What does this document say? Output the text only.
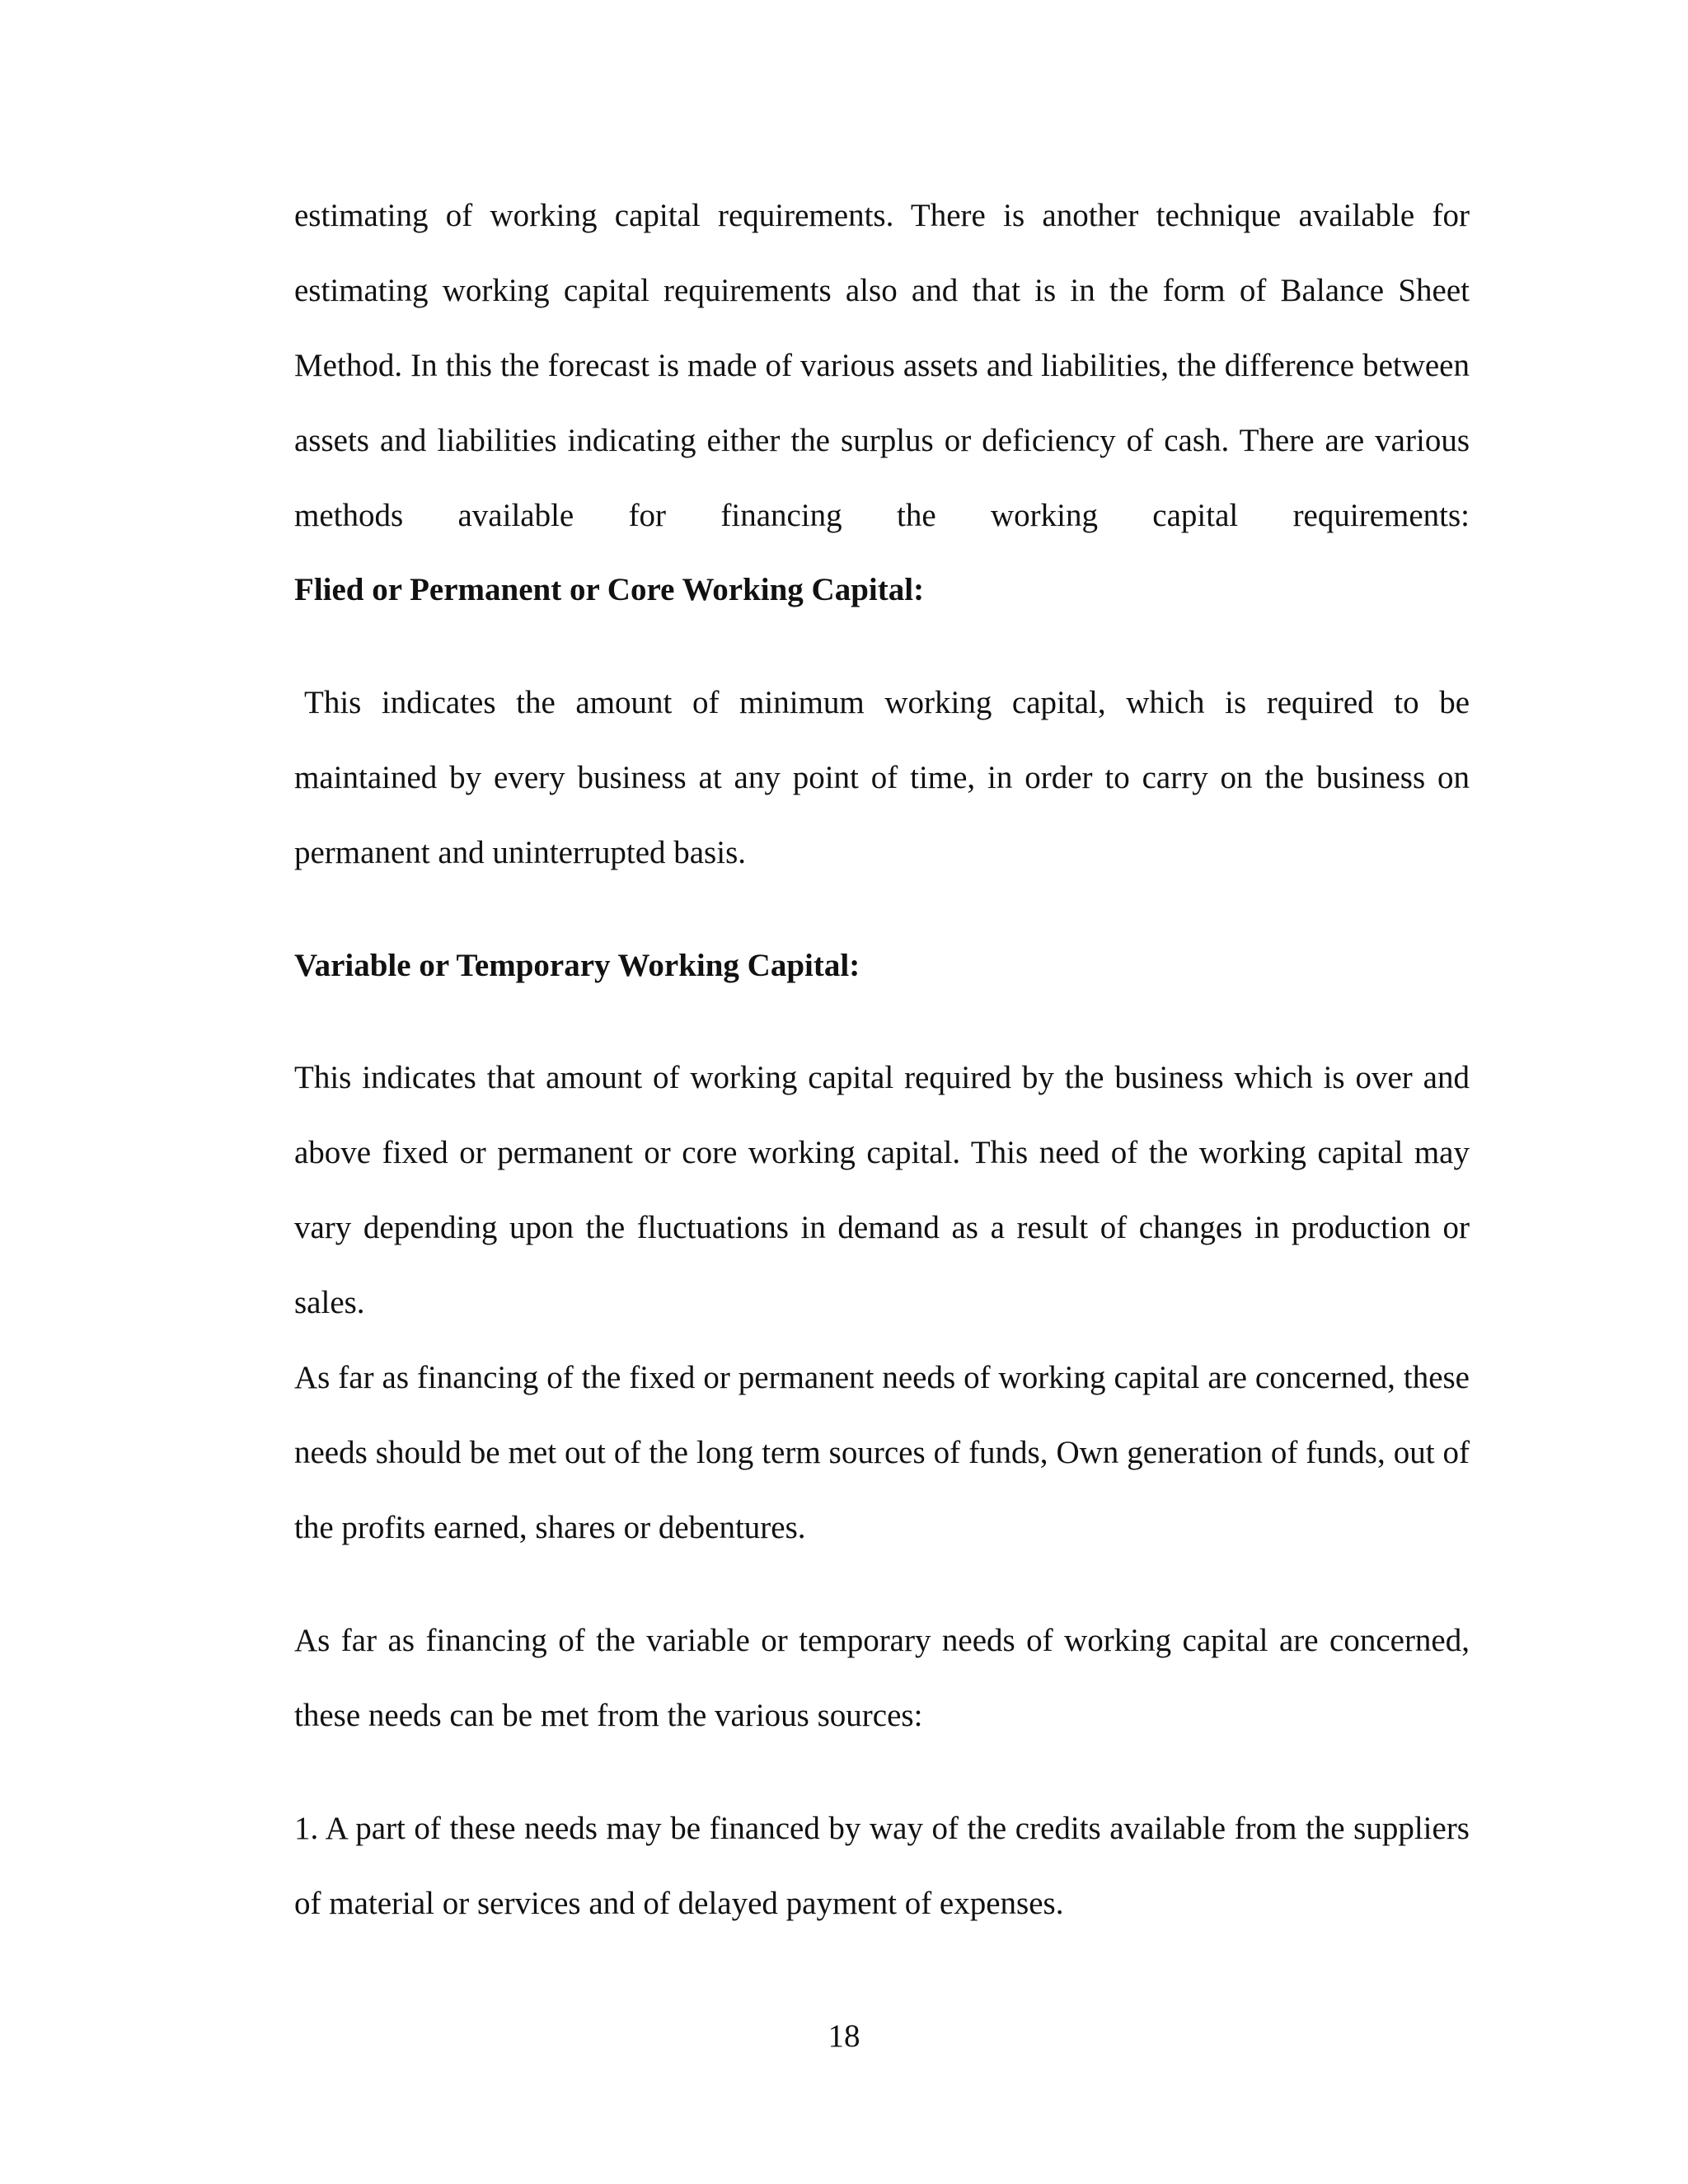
estimating of working capital requirements. There is another technique available for estimating working capital requirements also and that is in the form of Balance Sheet Method. In this the forecast is made of various assets and liabilities, the difference between assets and liabilities indicating either the surplus or deficiency of cash. There are various methods available for financing the working capital requirements:

Flied or Permanent or Core Working Capital:

This indicates the amount of minimum working capital, which is required to be maintained by every business at any point of time, in order to carry on the business on permanent and uninterrupted basis.

Variable or Temporary Working Capital:

This indicates that amount of working capital required by the business which is over and above fixed or permanent or core working capital. This need of the working capital may vary depending upon the fluctuations in demand as a result of changes in production or sales.

As far as financing of the fixed or permanent needs of working capital are concerned, these needs should be met out of the long term sources of funds, Own generation of funds, out of the profits earned, shares or debentures.

As far as financing of the variable or temporary needs of working capital are concerned, these needs can be met from the various sources:

1. A part of these needs may be financed by way of the credits available from the suppliers of material or services and of delayed payment of expenses.

18
